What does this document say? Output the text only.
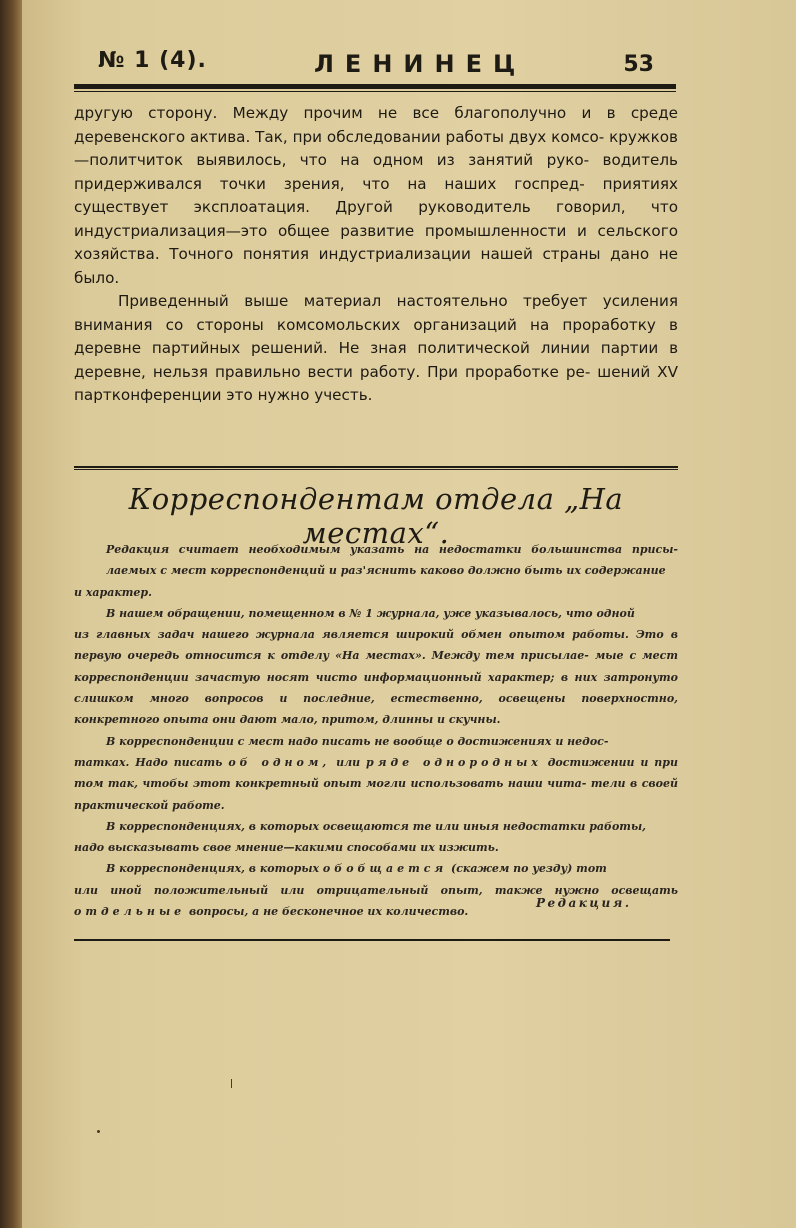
№ 1 (4).	ЛЕНИНЕЦ	53

другую сторону. Между прочим не все благополучно и в среде деревенского актива. Так, при обследовании работы двух комсо- кружков—политчиток выявилось, что на одном из занятий руко- водитель придерживался точки зрения, что на наших госпред- приятиях существует эксплоатация. Другой руководитель говорил, что индустриализация—это общее развитие промышленности и сельского хозяйства. Точного понятия индустриализации нашей страны дано не было.

Приведенный выше материал настоятельно требует усиления внимания со стороны комсомольских организаций на проработку в деревне партийных решений. Не зная политической линии партии в деревне, нельзя правильно вести работу. При проработке ре- шений XV партконференции это нужно учесть.

Корреспондентам отдела „На местах“.

Редакция считает необходимым указать на недостатки большинства присы- лаемых с мест корреспонденций и раз'яснить каково должно быть их содержание

и характер.

В нашем обращении, помещенном в № 1 журнала, уже указывалось, что одной

из главных задач нашего журнала является широкий обмен опытом работы. Это в первую очередь относится к отделу «На местах». Между тем присылае- мые с мест корреспонденции зачастую носят чисто информационный характер; в них затронуто слишком много вопросов и последние, естественно, освещены поверхностно, конкретного опыта они дают мало, притом, длинны и скучны.

В корреспонденции с мест надо писать не вообще о достижениях и недос-

татках. Надо писать об одном, или ряде однородных достижении и при том так, чтобы этот конкретный опыт могли использовать наши чита- тели в своей практической работе.

В корреспонденциях, в которых освещаются те или иныя недостатки работы,

надо высказывать свое мнение—какими способами их изжить.

В корреспонденциях, в которых обобщается (скажем по уезду) тот

или иной положительный или отрицательный опыт, также нужно освещать отдельные вопросы, а не бесконечное их количество.

Редакция.
